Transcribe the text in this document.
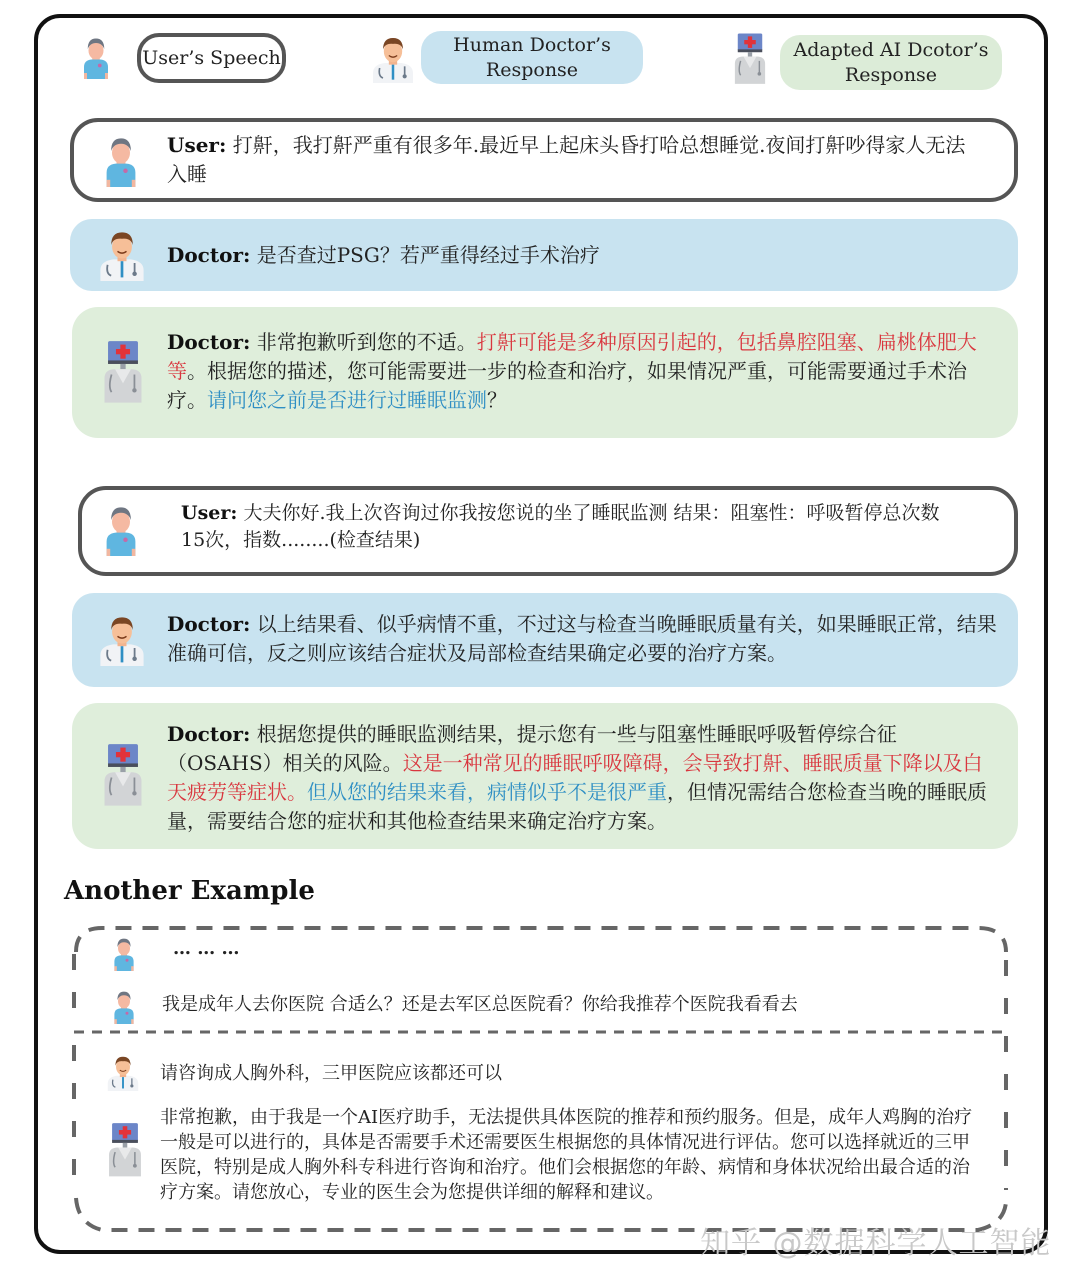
User’s Speech
Human Doctor’s
Response
Adapted AI Dcotor’s
Response
User: 打鼾，我打鼾严重有很多年.最近早上起床头昏打哈总想睡觉.夜间打鼾吵得家人无法入睡
Doctor: 是否查过PSG？若严重得经过手术治疗
Doctor: 非常抱歉听到您的不适。打鼾可能是多种原因引起的，包括鼻腔阻塞、扁桃体肥大等。根据您的描述，您可能需要进一步的检查和治疗，如果情况严重，可能需要通过手术治疗。请问您之前是否进行过睡眠监测？
User: 大夫你好.我上次咨询过你我按您说的坐了睡眠监测 结果：阻塞性：呼吸暂停总次数 15次，指数........(检查结果)
Doctor: 以上结果看、似乎病情不重，不过这与检查当晚睡眠质量有关，如果睡眠正常，结果准确可信，反之则应该结合症状及局部检查结果确定必要的治疗方案。
Doctor: 根据您提供的睡眠监测结果，提示您有一些与阻塞性睡眠呼吸暂停综合征（OSAHS）相关的风险。这是一种常见的睡眠呼吸障碍，会导致打鼾、睡眠质量下降以及白天疲劳等症状。但从您的结果来看，病情似乎不是很严重，但情况需结合您检查当晚的睡眠质量，需要结合您的症状和其他检查结果来确定治疗方案。
Another Example
… … …
我是成年人去你医院 合适么？还是去军区总医院看？你给我推荐个医院我看看去
请咨询成人胸外科，三甲医院应该都还可以
非常抱歉，由于我是一个AI医疗助手，无法提供具体医院的推荐和预约服务。但是，成年人鸡胸的治疗一般是可以进行的，具体是否需要手术还需要医生根据您的具体情况进行评估。您可以选择就近的三甲医院，特别是成人胸外科专科进行咨询和治疗。他们会根据您的年龄、病情和身体状况给出最合适的治疗方案。请您放心，专业的医生会为您提供详细的解释和建议。
知乎 @数据科学人工智能
